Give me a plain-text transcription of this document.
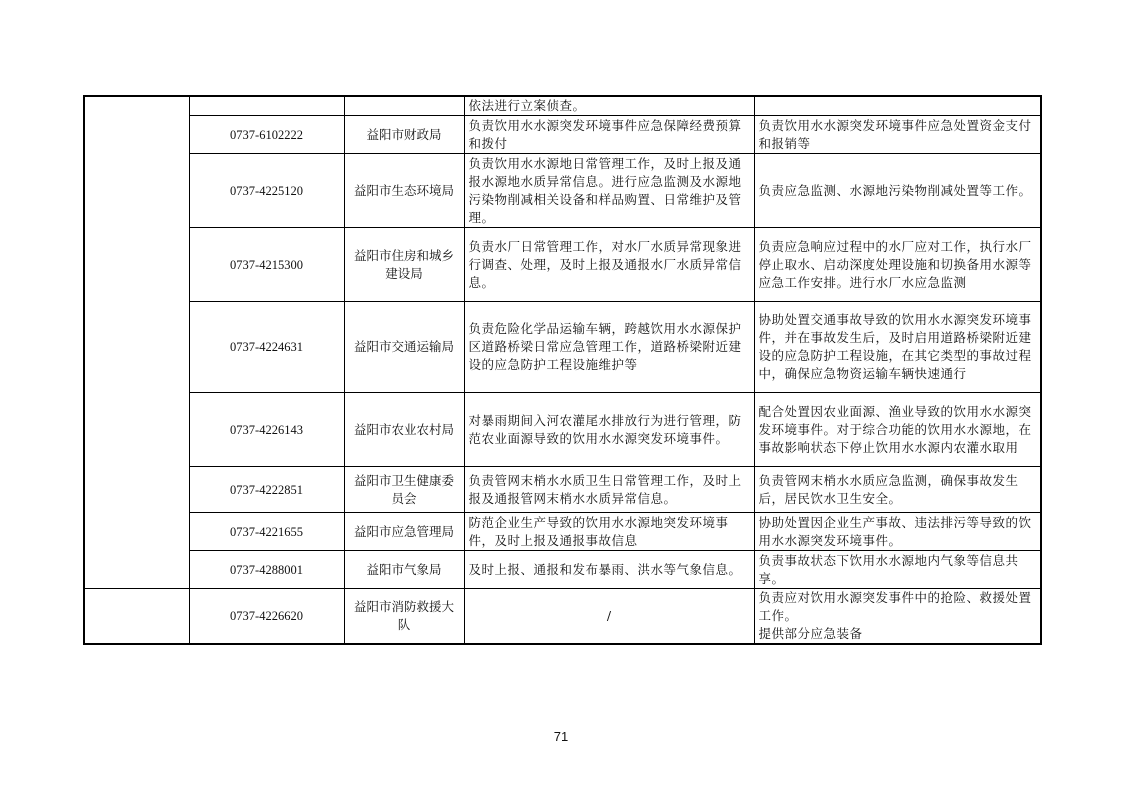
			依法进行立案侦查。	
	0737-6102222	益阳市财政局	负责饮用水水源突发环境事件应急保障经费预算和拨付	负责饮用水水源突发环境事件应急处置资金支付和报销等
	0737-4225120	益阳市生态环境局	负责饮用水水源地日常管理工作，及时上报及通报水源地水质异常信息。进行应急监测及水源地污染物削减相关设备和样品购置、日常维护及管理。	负责应急监测、水源地污染物削减处置等工作。
	0737-4215300	益阳市住房和城乡建设局	负责水厂日常管理工作，对水厂水质异常现象进行调查、处理，及时上报及通报水厂水质异常信息。	负责应急响应过程中的水厂应对工作，执行水厂停止取水、启动深度处理设施和切换备用水源等应急工作安排。进行水厂水应急监测
	0737-4224631	益阳市交通运输局	负责危险化学品运输车辆，跨越饮用水水源保护区道路桥梁日常应急管理工作，道路桥梁附近建设的应急防护工程设施维护等	协助处置交通事故导致的饮用水水源突发环境事件，并在事故发生后，及时启用道路桥梁附近建设的应急防护工程设施，在其它类型的事故过程中，确保应急物资运输车辆快速通行
	0737-4226143	益阳市农业农村局	对暴雨期间入河农灌尾水排放行为进行管理，防范农业面源导致的饮用水水源突发环境事件。	配合处置因农业面源、渔业导致的饮用水水源突发环境事件。对于综合功能的饮用水水源地，在事故影响状态下停止饮用水水源内农灌水取用
	0737-4222851	益阳市卫生健康委员会	负责管网末梢水水质卫生日常管理工作，及时上报及通报管网末梢水水质异常信息。	负责管网末梢水水质应急监测，确保事故发生后，居民饮水卫生安全。
	0737-4221655	益阳市应急管理局	防范企业生产导致的饮用水水源地突发环境事件，及时上报及通报事故信息	协助处置因企业生产事故、违法排污等导致的饮用水水源突发环境事件。
	0737-4288001	益阳市气象局	及时上报、通报和发布暴雨、洪水等气象信息。	负责事故状态下饮用水水源地内气象等信息共享。
	0737-4226620	益阳市消防救援大队	/	负责应对饮用水源突发事件中的抢险、救援处置工作。
提供部分应急装备
71
